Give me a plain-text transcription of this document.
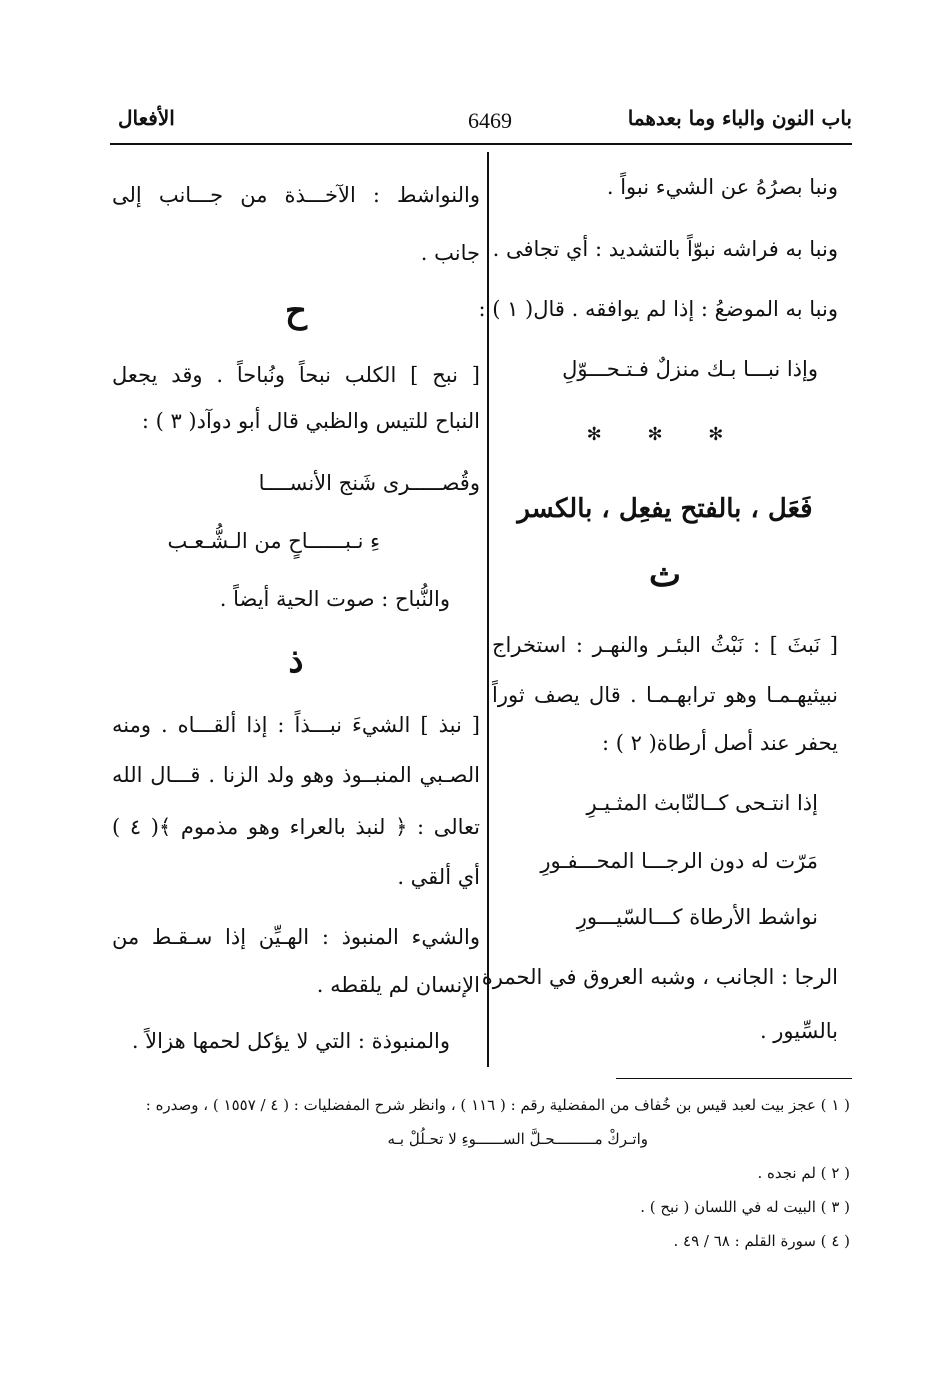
باب النون والباء وما بعدهما
6469
الأفعال
ونبا بصرُهُ عن الشيء نبواً .
ونبا به فراشه نبوّاً بالتشديد : أي تجافى .
ونبا به الموضعُ : إذا لم يوافقه . قال( ١ ) :
وإذا نبـــا بـك منزلٌ فـتـحـــوّلِ
✻ ✻ ✻
فَعَل ، بالفتح يفعِل ، بالكسر
ث
[ نَبثَ ] : نَبْثُ البئـر والنهـر : استخراج
نبيثيهـمـا وهو ترابهـمـا . قال يصف ثوراً
يحفر عند أصل أرطاة( ٢ ) :
إذا انتـحى كــالنّابث المثـيـرِ
مَرّت له دون الرجـــا المحـــفـورِ
نواشط الأرطاة كـــالسّيـــورِ
الرجا : الجانب ، وشبه العروق في الحمرة
بالسِّيور .
والنواشط : الآخـــذة من جـــانب إلى
جانب .
ح
[ نبح ] الكلب نبحاً ونُباحاً . وقد يجعل
النباح للتيس والظبي قال أبو دوآد( ٣ ) :
وقُصـــــرى شَنج الأنســــا
ءِ نـبــــــاحٍ من الـشُّـعـب
والنُّباح : صوت الحية أيضاً .
ذ
[ نبذ ] الشيءَ نبـــذاً : إذا ألقـــاه . ومنه
الصـبي المنبــوذ وهو ولد الزنا . قـــال الله
تعالى : ﴿ لنبذ بالعراء وهو مذموم ﴾( ٤ )
أي ألقي .
والشيء المنبوذ : الهـيِّن إذا سـقـط من
الإنسان لم يلقطه .
والمنبوذة : التي لا يؤكل لحمها هزالاً .
( ١ ) عجز بيت لعبد قيس بن خُفاف من المفضلية رقم : ( ١١٦ ) ، وانظر شرح المفضليات : ( ٤ / ١٥٥٧ ) ، وصدره :
واتـركْ مـــــــــحـلَّ الســــــوءِ لا تحـلُلْ بـه
( ٢ ) لم نجده .
( ٣ ) البيت له في اللسان ( نبح ) .
( ٤ ) سورة القلم : ٦٨ / ٤٩ .
